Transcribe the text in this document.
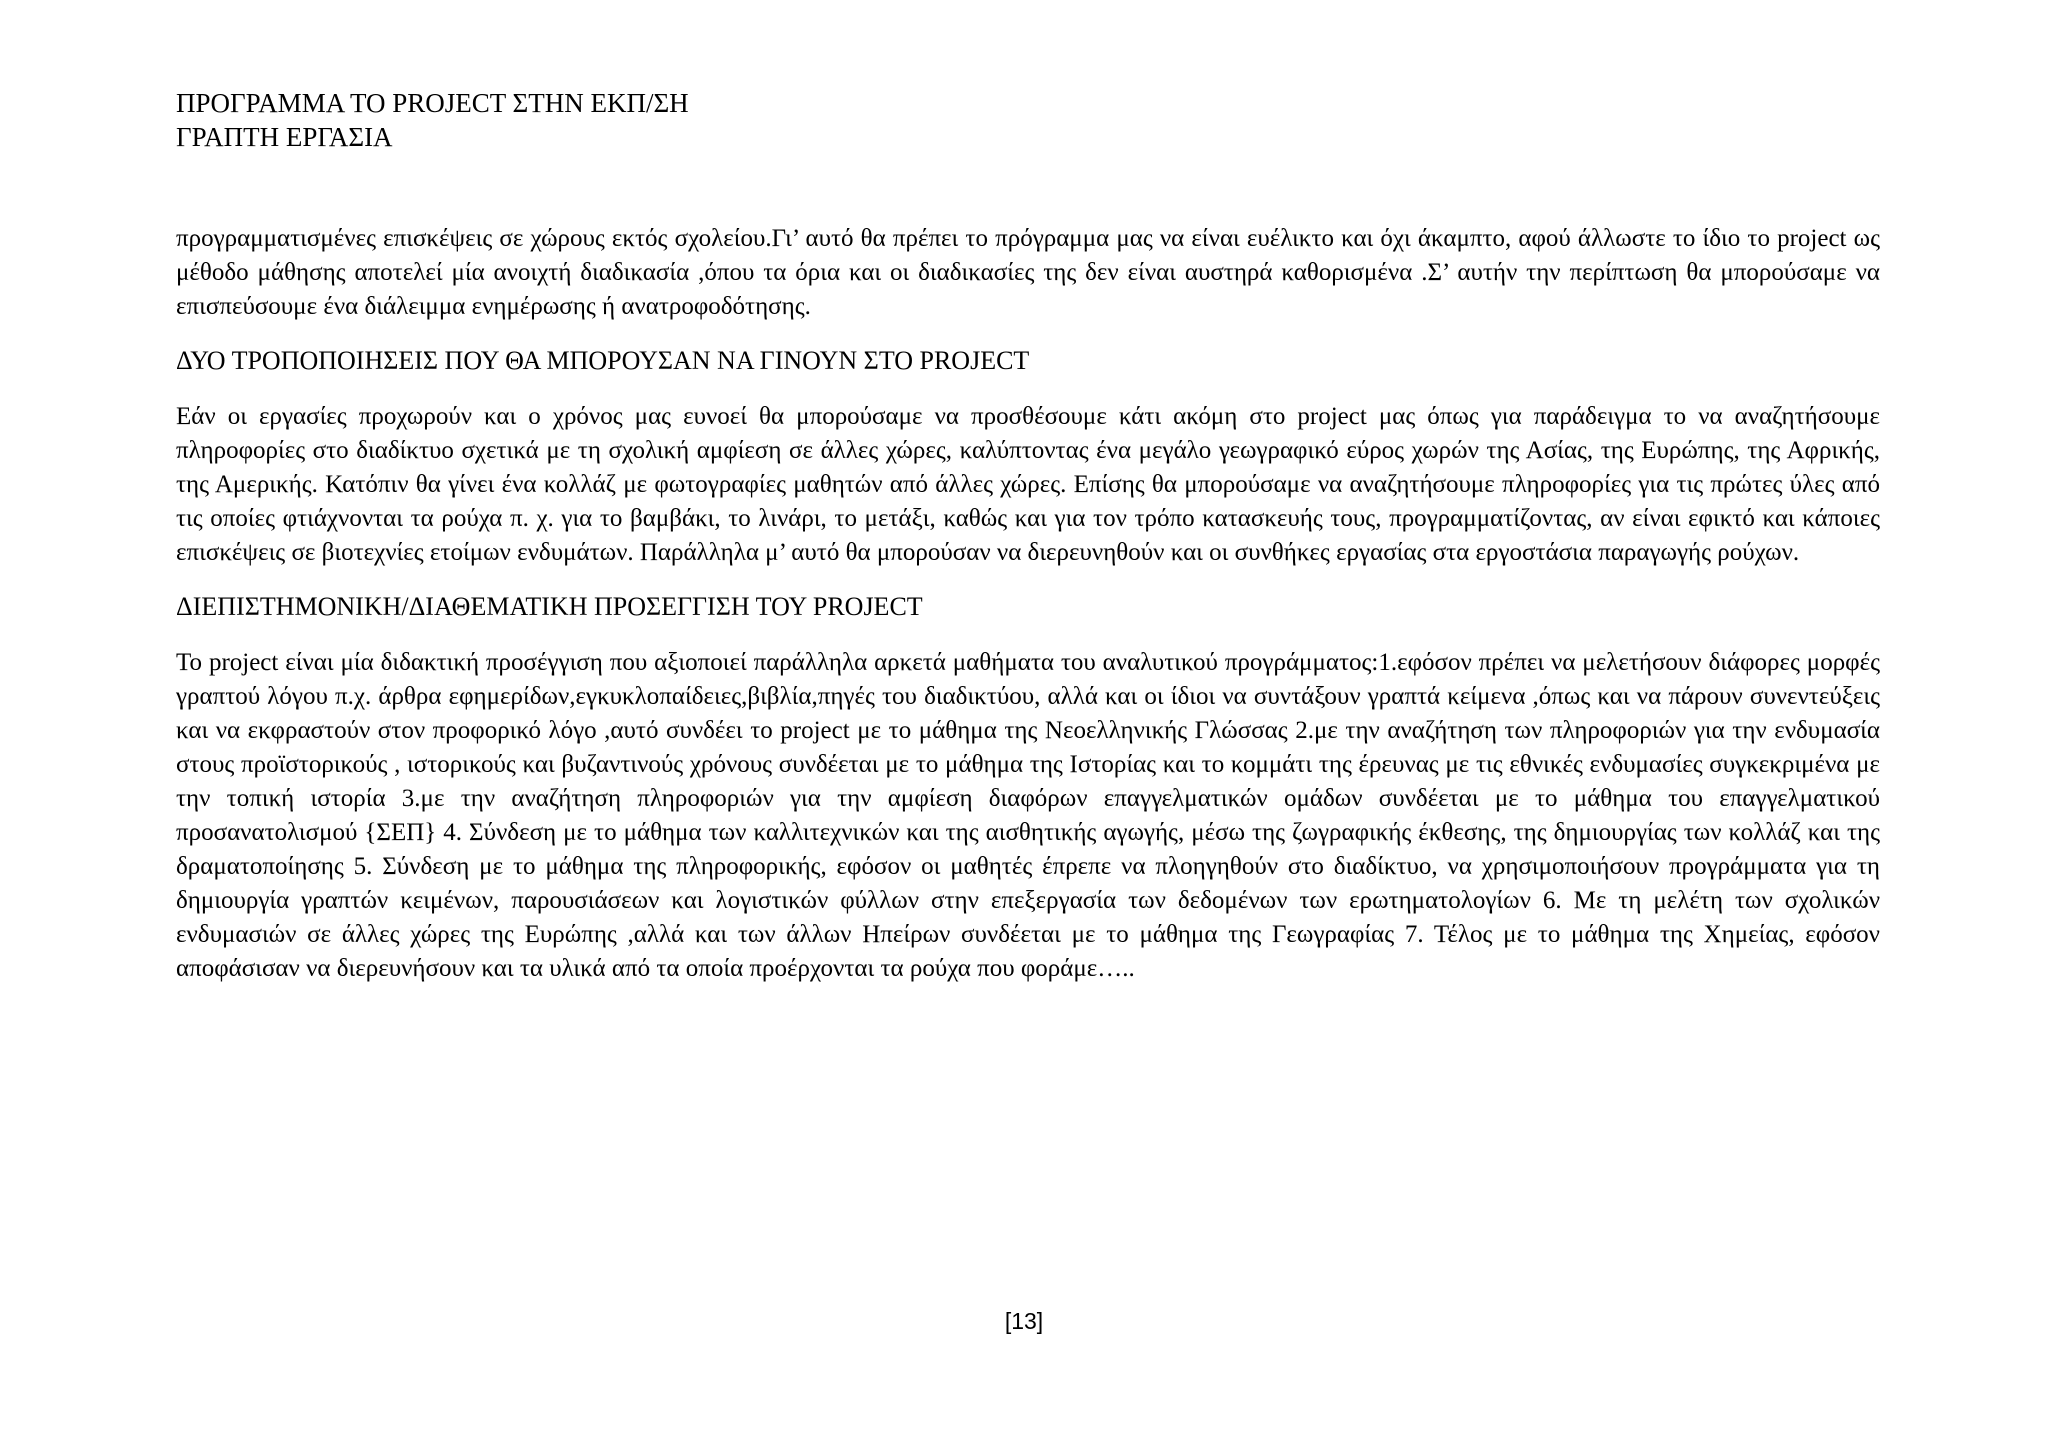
ΠΡΟΓΡΑΜΜΑ ΤΟ PROJECT ΣΤΗΝ ΕΚΠ/ΣΗ
ΓΡΑΠΤΗ ΕΡΓΑΣΙΑ

προγραμματισμένες επισκέψεις σε χώρους εκτός σχολείου.Γι’ αυτό θα πρέπει το πρόγραμμα μας να είναι ευέλικτο και όχι άκαμπτο, αφού άλλωστε το ίδιο το project ως μέθοδο μάθησης αποτελεί μία ανοιχτή διαδικασία ,όπου τα όρια και οι διαδικασίες της δεν είναι αυστηρά καθορισμένα .Σ’ αυτήν την περίπτωση θα μπορούσαμε να επισπεύσουμε ένα διάλειμμα ενημέρωσης ή ανατροφοδότησης.

ΔΥΟ ΤΡΟΠΟΠΟΙΗΣΕΙΣ ΠΟΥ ΘΑ ΜΠΟΡΟΥΣΑΝ ΝΑ ΓΙΝΟΥΝ ΣΤΟ PROJECT

Εάν οι εργασίες προχωρούν και ο χρόνος μας ευνοεί θα μπορούσαμε να προσθέσουμε κάτι ακόμη στο project μας όπως για παράδειγμα το να αναζητήσουμε πληροφορίες στο διαδίκτυο σχετικά με τη σχολική αμφίεση σε άλλες χώρες, καλύπτοντας ένα μεγάλο γεωγραφικό εύρος χωρών της Ασίας, της Ευρώπης, της Αφρικής, της Αμερικής. Κατόπιν θα γίνει ένα κολλάζ με φωτογραφίες μαθητών από άλλες χώρες. Επίσης θα μπορούσαμε να αναζητήσουμε πληροφορίες για τις πρώτες ύλες από τις οποίες φτιάχνονται τα ρούχα π. χ. για το βαμβάκι, το λινάρι, το μετάξι, καθώς και για τον τρόπο κατασκευής τους, προγραμματίζοντας, αν είναι εφικτό και κάποιες επισκέψεις σε βιοτεχνίες ετοίμων ενδυμάτων. Παράλληλα μ’ αυτό θα μπορούσαν να διερευνηθούν και οι συνθήκες εργασίας στα εργοστάσια παραγωγής ρούχων.

ΔΙΕΠΙΣΤΗΜΟΝΙΚΗ/ΔΙΑΘΕΜΑΤΙΚΗ ΠΡΟΣΕΓΓΙΣΗ ΤΟΥ PROJECT

Το project είναι μία διδακτική προσέγγιση που αξιοποιεί παράλληλα αρκετά μαθήματα του αναλυτικού προγράμματος:1.εφόσον πρέπει να μελετήσουν διάφορες μορφές γραπτού λόγου π.χ. άρθρα εφημερίδων,εγκυκλοπαίδειες,βιβλία,πηγές του διαδικτύου, αλλά και οι ίδιοι να συντάξουν γραπτά κείμενα ,όπως και να πάρουν συνεντεύξεις και να εκφραστούν στον προφορικό λόγο ,αυτό συνδέει το project με το μάθημα της Νεοελληνικής Γλώσσας 2.με την αναζήτηση των πληροφοριών για την ενδυμασία στους προϊστορικούς , ιστορικούς και βυζαντινούς χρόνους συνδέεται με το μάθημα της Ιστορίας και το κομμάτι της έρευνας με τις εθνικές ενδυμασίες συγκεκριμένα με την τοπική ιστορία 3.με την αναζήτηση πληροφοριών για την αμφίεση διαφόρων επαγγελματικών ομάδων συνδέεται με το μάθημα του επαγγελματικού προσανατολισμού {ΣΕΠ} 4. Σύνδεση με το μάθημα των καλλιτεχνικών και της αισθητικής αγωγής, μέσω της ζωγραφικής έκθεσης, της δημιουργίας των κολλάζ και της δραματοποίησης 5. Σύνδεση με το μάθημα της πληροφορικής, εφόσον οι μαθητές έπρεπε να πλοηγηθούν στο διαδίκτυο, να χρησιμοποιήσουν προγράμματα για τη δημιουργία γραπτών κειμένων, παρουσιάσεων και λογιστικών φύλλων στην επεξεργασία των δεδομένων των ερωτηματολογίων 6. Με τη μελέτη των σχολικών ενδυμασιών σε άλλες χώρες της Ευρώπης ,αλλά και των άλλων Ηπείρων συνδέεται με το μάθημα της Γεωγραφίας 7. Τέλος με το μάθημα της Χημείας, εφόσον αποφάσισαν να διερευνήσουν και τα υλικά από τα οποία προέρχονται τα ρούχα που φοράμε…..

[13]
